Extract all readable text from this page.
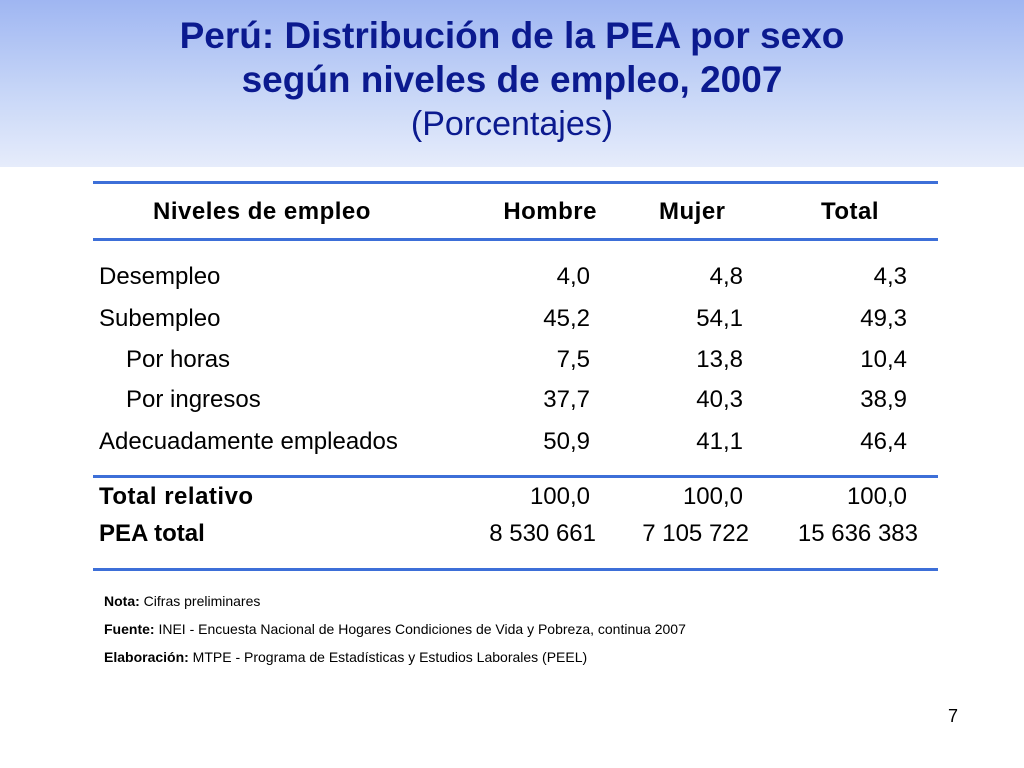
Perú: Distribución de la PEA por sexo
según niveles de empleo, 2007
(Porcentajes)
Niveles de empleo	Hombre	Mujer	Total
Desempleo	4,0	4,8	4,3
Subempleo	45,2	54,1	49,3
Por horas	7,5	13,8	10,4
Por ingresos	37,7	40,3	38,9
Adecuadamente empleados	50,9	41,1	46,4
Total relativo	100,0	100,0	100,0
PEA total	8 530 661	7 105 722	15 636 383
Nota: Cifras preliminares
Fuente: INEI - Encuesta Nacional de Hogares Condiciones de Vida y Pobreza, continua 2007
Elaboración: MTPE - Programa de Estadísticas y Estudios Laborales (PEEL)
7
